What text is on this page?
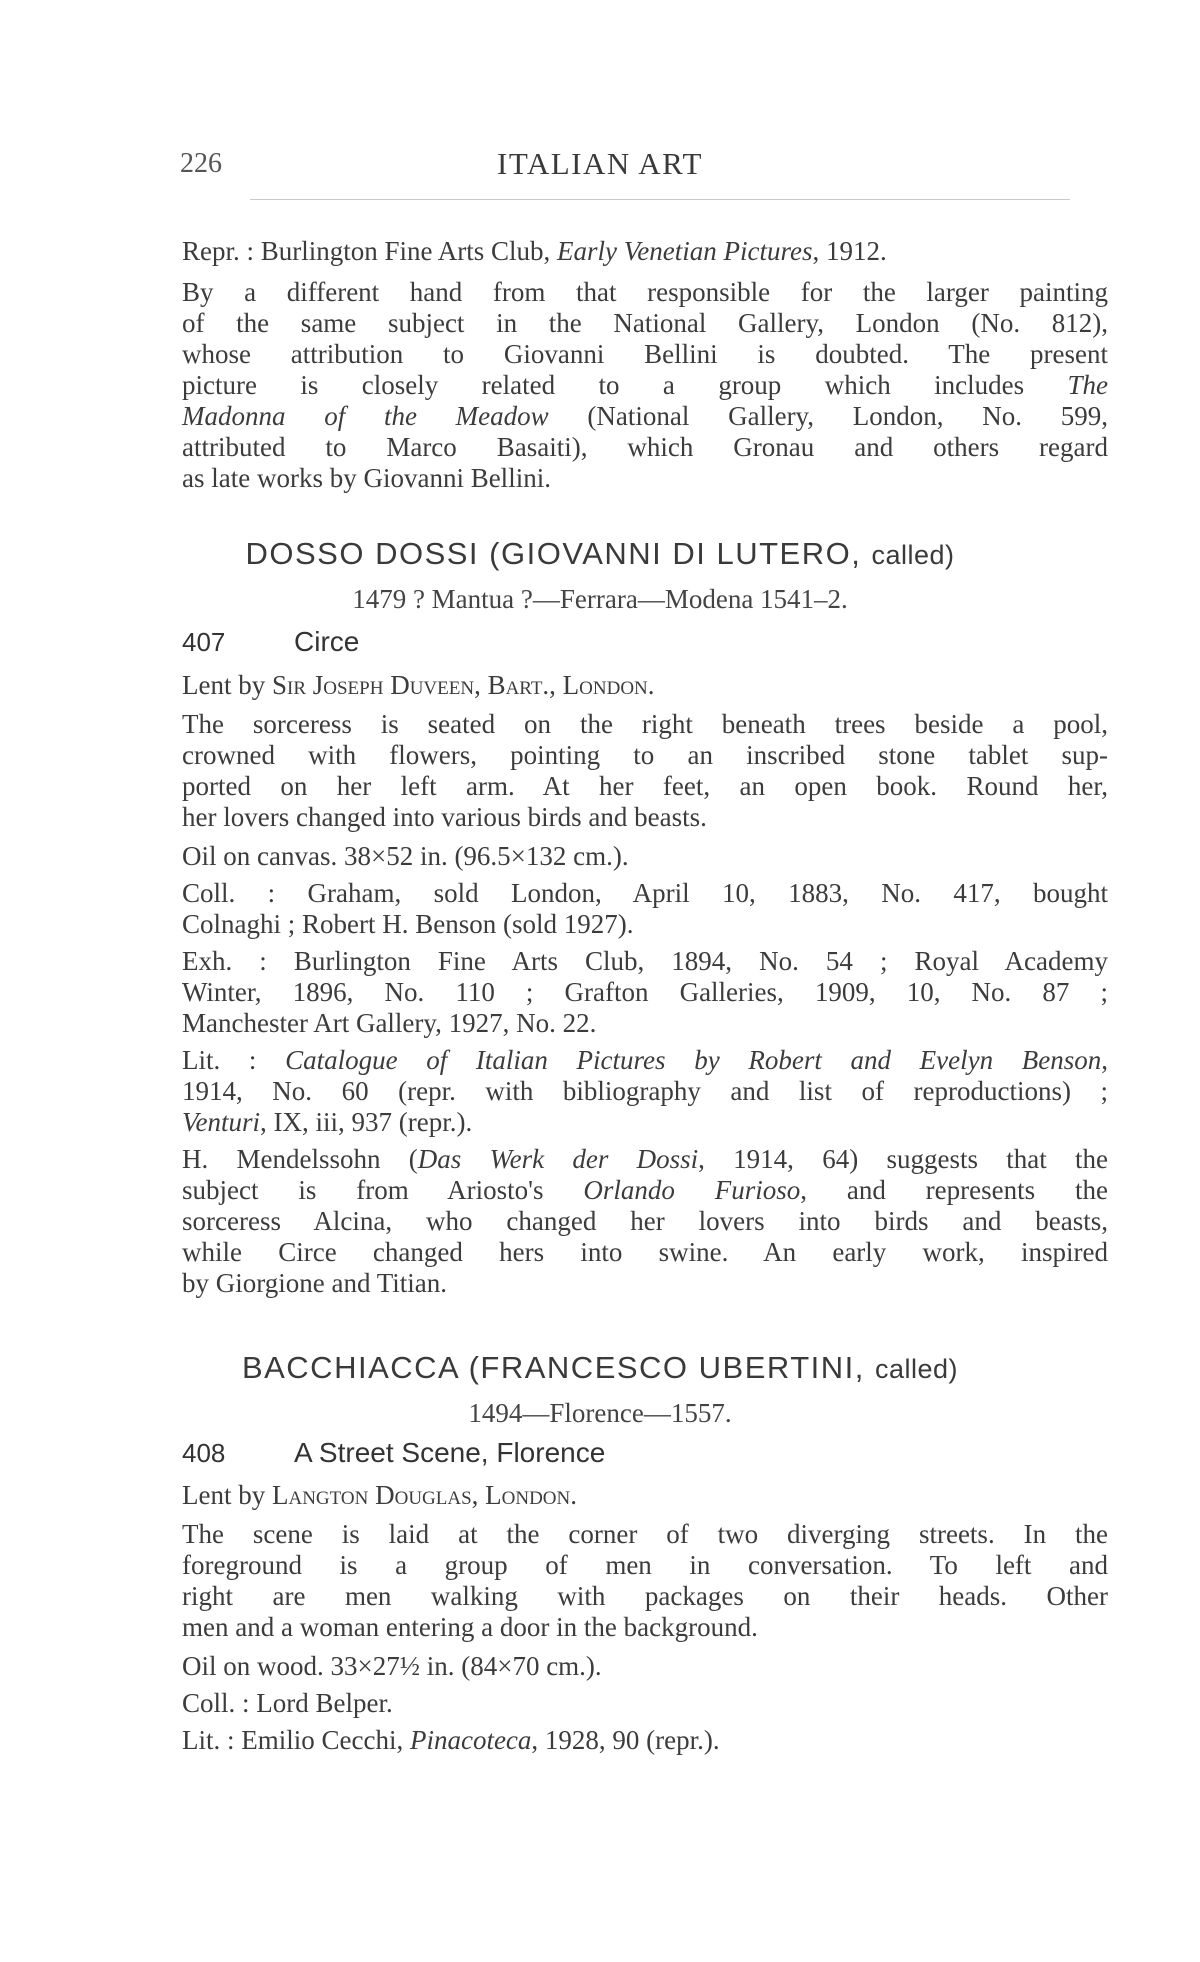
226	ITALIAN ART

Repr. : Burlington Fine Arts Club, Early Venetian Pictures, 1912.

By a different hand from that responsible for the larger painting
of the same subject in the National Gallery, London (No. 812),
whose attribution to Giovanni Bellini is doubted. The present
picture is closely related to a group which includes The
Madonna of the Meadow (National Gallery, London, No. 599,
attributed to Marco Basaiti), which Gronau and others regard
as late works by Giovanni Bellini.

DOSSO DOSSI (GIOVANNI DI LUTERO, called)
1479 ? Mantua ?—Ferrara—Modena 1541–2.
407 Circe

Lent by Sir Joseph Duveen, Bart., London.

The sorceress is seated on the right beneath trees beside a pool,
crowned with flowers, pointing to an inscribed stone tablet sup-
ported on her left arm. At her feet, an open book. Round her,
her lovers changed into various birds and beasts.

Oil on canvas. 38×52 in. (96.5×132 cm.).

Coll. : Graham, sold London, April 10, 1883, No. 417, bought
Colnaghi ; Robert H. Benson (sold 1927).

Exh. : Burlington Fine Arts Club, 1894, No. 54 ; Royal Academy
Winter, 1896, No. 110 ; Grafton Galleries, 1909, 10, No. 87 ;
Manchester Art Gallery, 1927, No. 22.

Lit. : Catalogue of Italian Pictures by Robert and Evelyn Benson,
1914, No. 60 (repr. with bibliography and list of reproductions) ;
Venturi, IX, iii, 937 (repr.).

H. Mendelssohn (Das Werk der Dossi, 1914, 64) suggests that the
subject is from Ariosto's Orlando Furioso, and represents the
sorceress Alcina, who changed her lovers into birds and beasts,
while Circe changed hers into swine. An early work, inspired
by Giorgione and Titian.

BACCHIACCA (FRANCESCO UBERTINI, called)
1494—Florence—1557.
408 A Street Scene, Florence

Lent by Langton Douglas, London.

The scene is laid at the corner of two diverging streets. In the
foreground is a group of men in conversation. To left and
right are men walking with packages on their heads. Other
men and a woman entering a door in the background.

Oil on wood. 33×27½ in. (84×70 cm.).

Coll. : Lord Belper.

Lit. : Emilio Cecchi, Pinacoteca, 1928, 90 (repr.).
